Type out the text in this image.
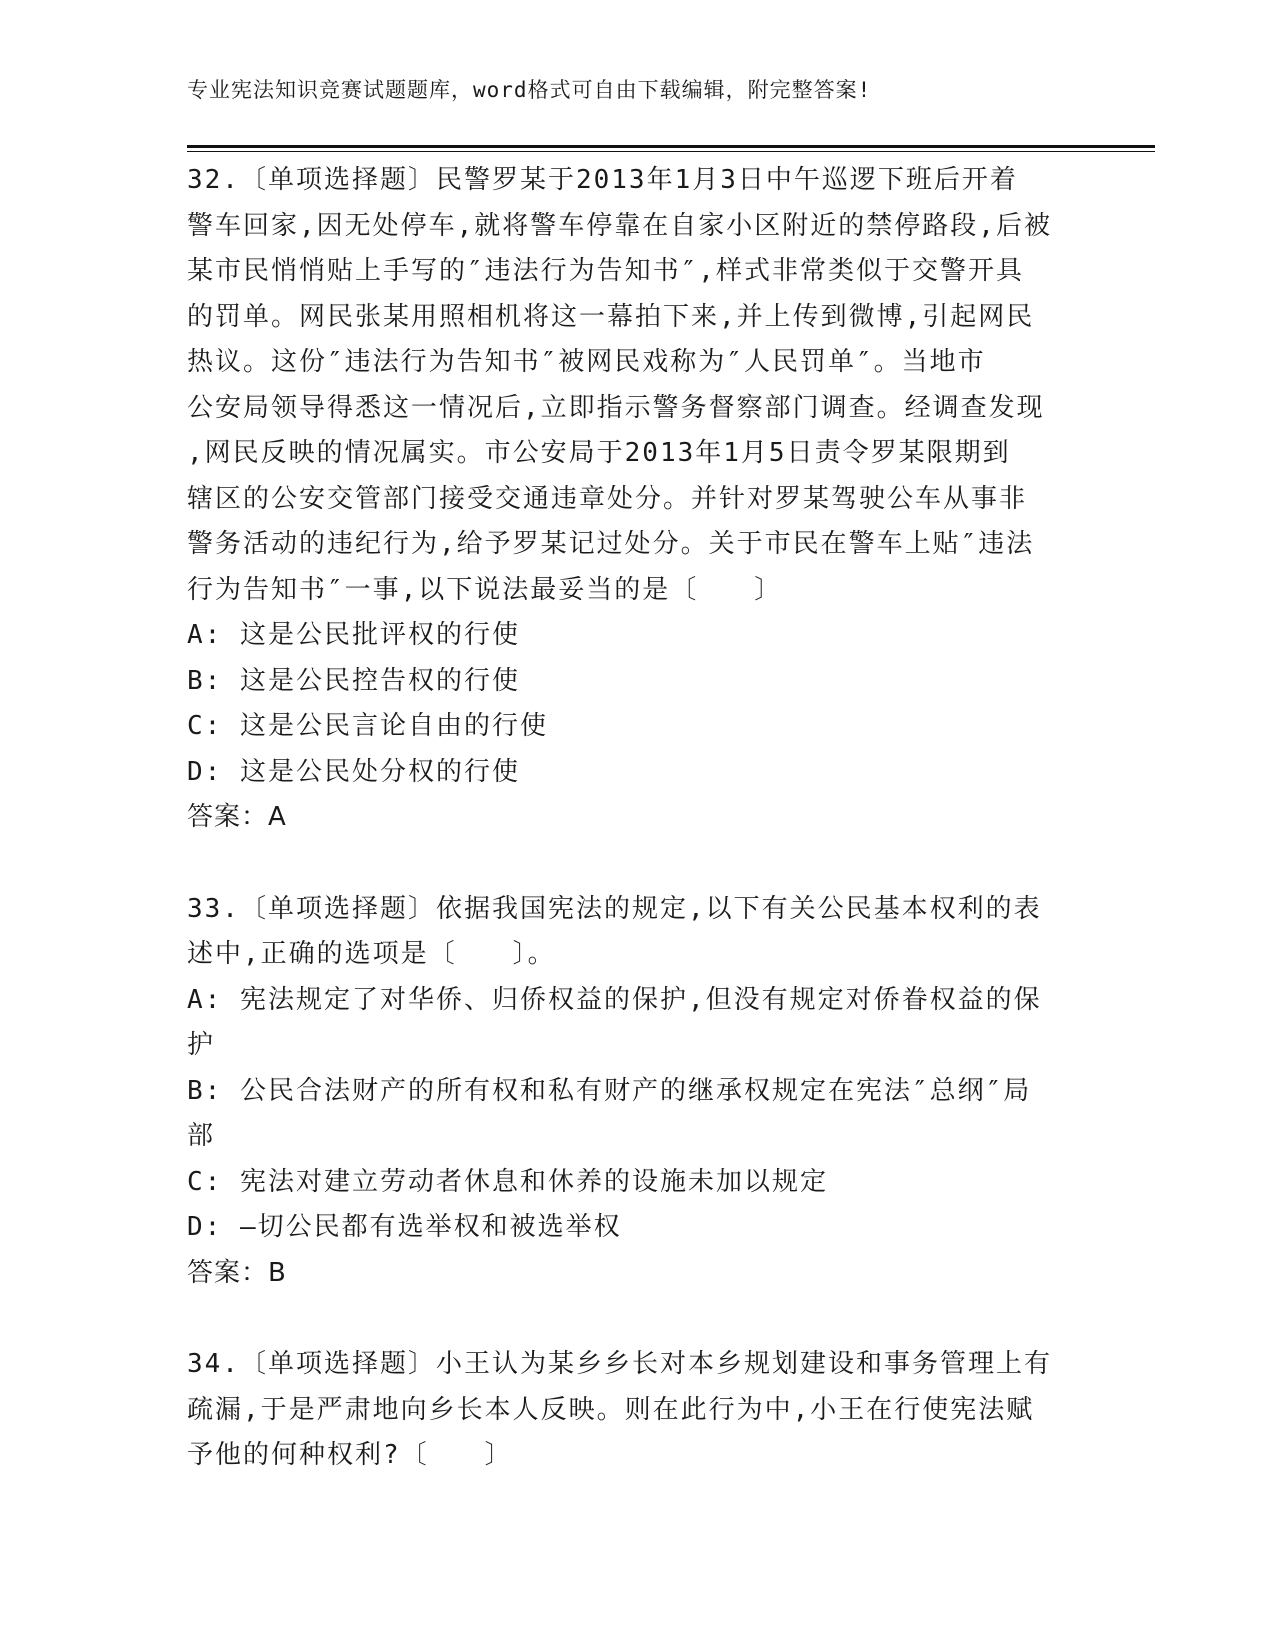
专业宪法知识竞赛试题题库，word格式可自由下载编辑，附完整答案!
32.〔单项选择题〕民警罗某于2013年1月3日中午巡逻下班后开着
警车回家,因无处停车,就将警车停靠在自家小区附近的禁停路段,后被
某市民悄悄贴上手写的″违法行为告知书″,样式非常类似于交警开具
的罚单。网民张某用照相机将这一幕拍下来,并上传到微博,引起网民
热议。这份″违法行为告知书″被网民戏称为″人民罚单″。当地市
公安局领导得悉这一情况后,立即指示警务督察部门调查。经调查发现
,网民反映的情况属实。市公安局于2013年1月5日责令罗某限期到
辖区的公安交管部门接受交通违章处分。并针对罗某驾驶公车从事非
警务活动的违纪行为,给予罗某记过处分。关于市民在警车上贴″违法
行为告知书″一事,以下说法最妥当的是〔　　〕
A: 这是公民批评权的行使
B: 这是公民控告权的行使
C: 这是公民言论自由的行使
D: 这是公民处分权的行使
答案：A
33.〔单项选择题〕依据我国宪法的规定,以下有关公民基本权利的表
述中,正确的选项是〔　　〕。
A: 宪法规定了对华侨、归侨权益的保护,但没有规定对侨眷权益的保
护
B: 公民合法财产的所有权和私有财产的继承权规定在宪法″总纲″局
部
C: 宪法对建立劳动者休息和休养的设施未加以规定
D: —切公民都有选举权和被选举权
答案：B
34.〔单项选择题〕小王认为某乡乡长对本乡规划建设和事务管理上有
疏漏,于是严肃地向乡长本人反映。则在此行为中,小王在行使宪法赋
予他的何种权利?〔　　〕
